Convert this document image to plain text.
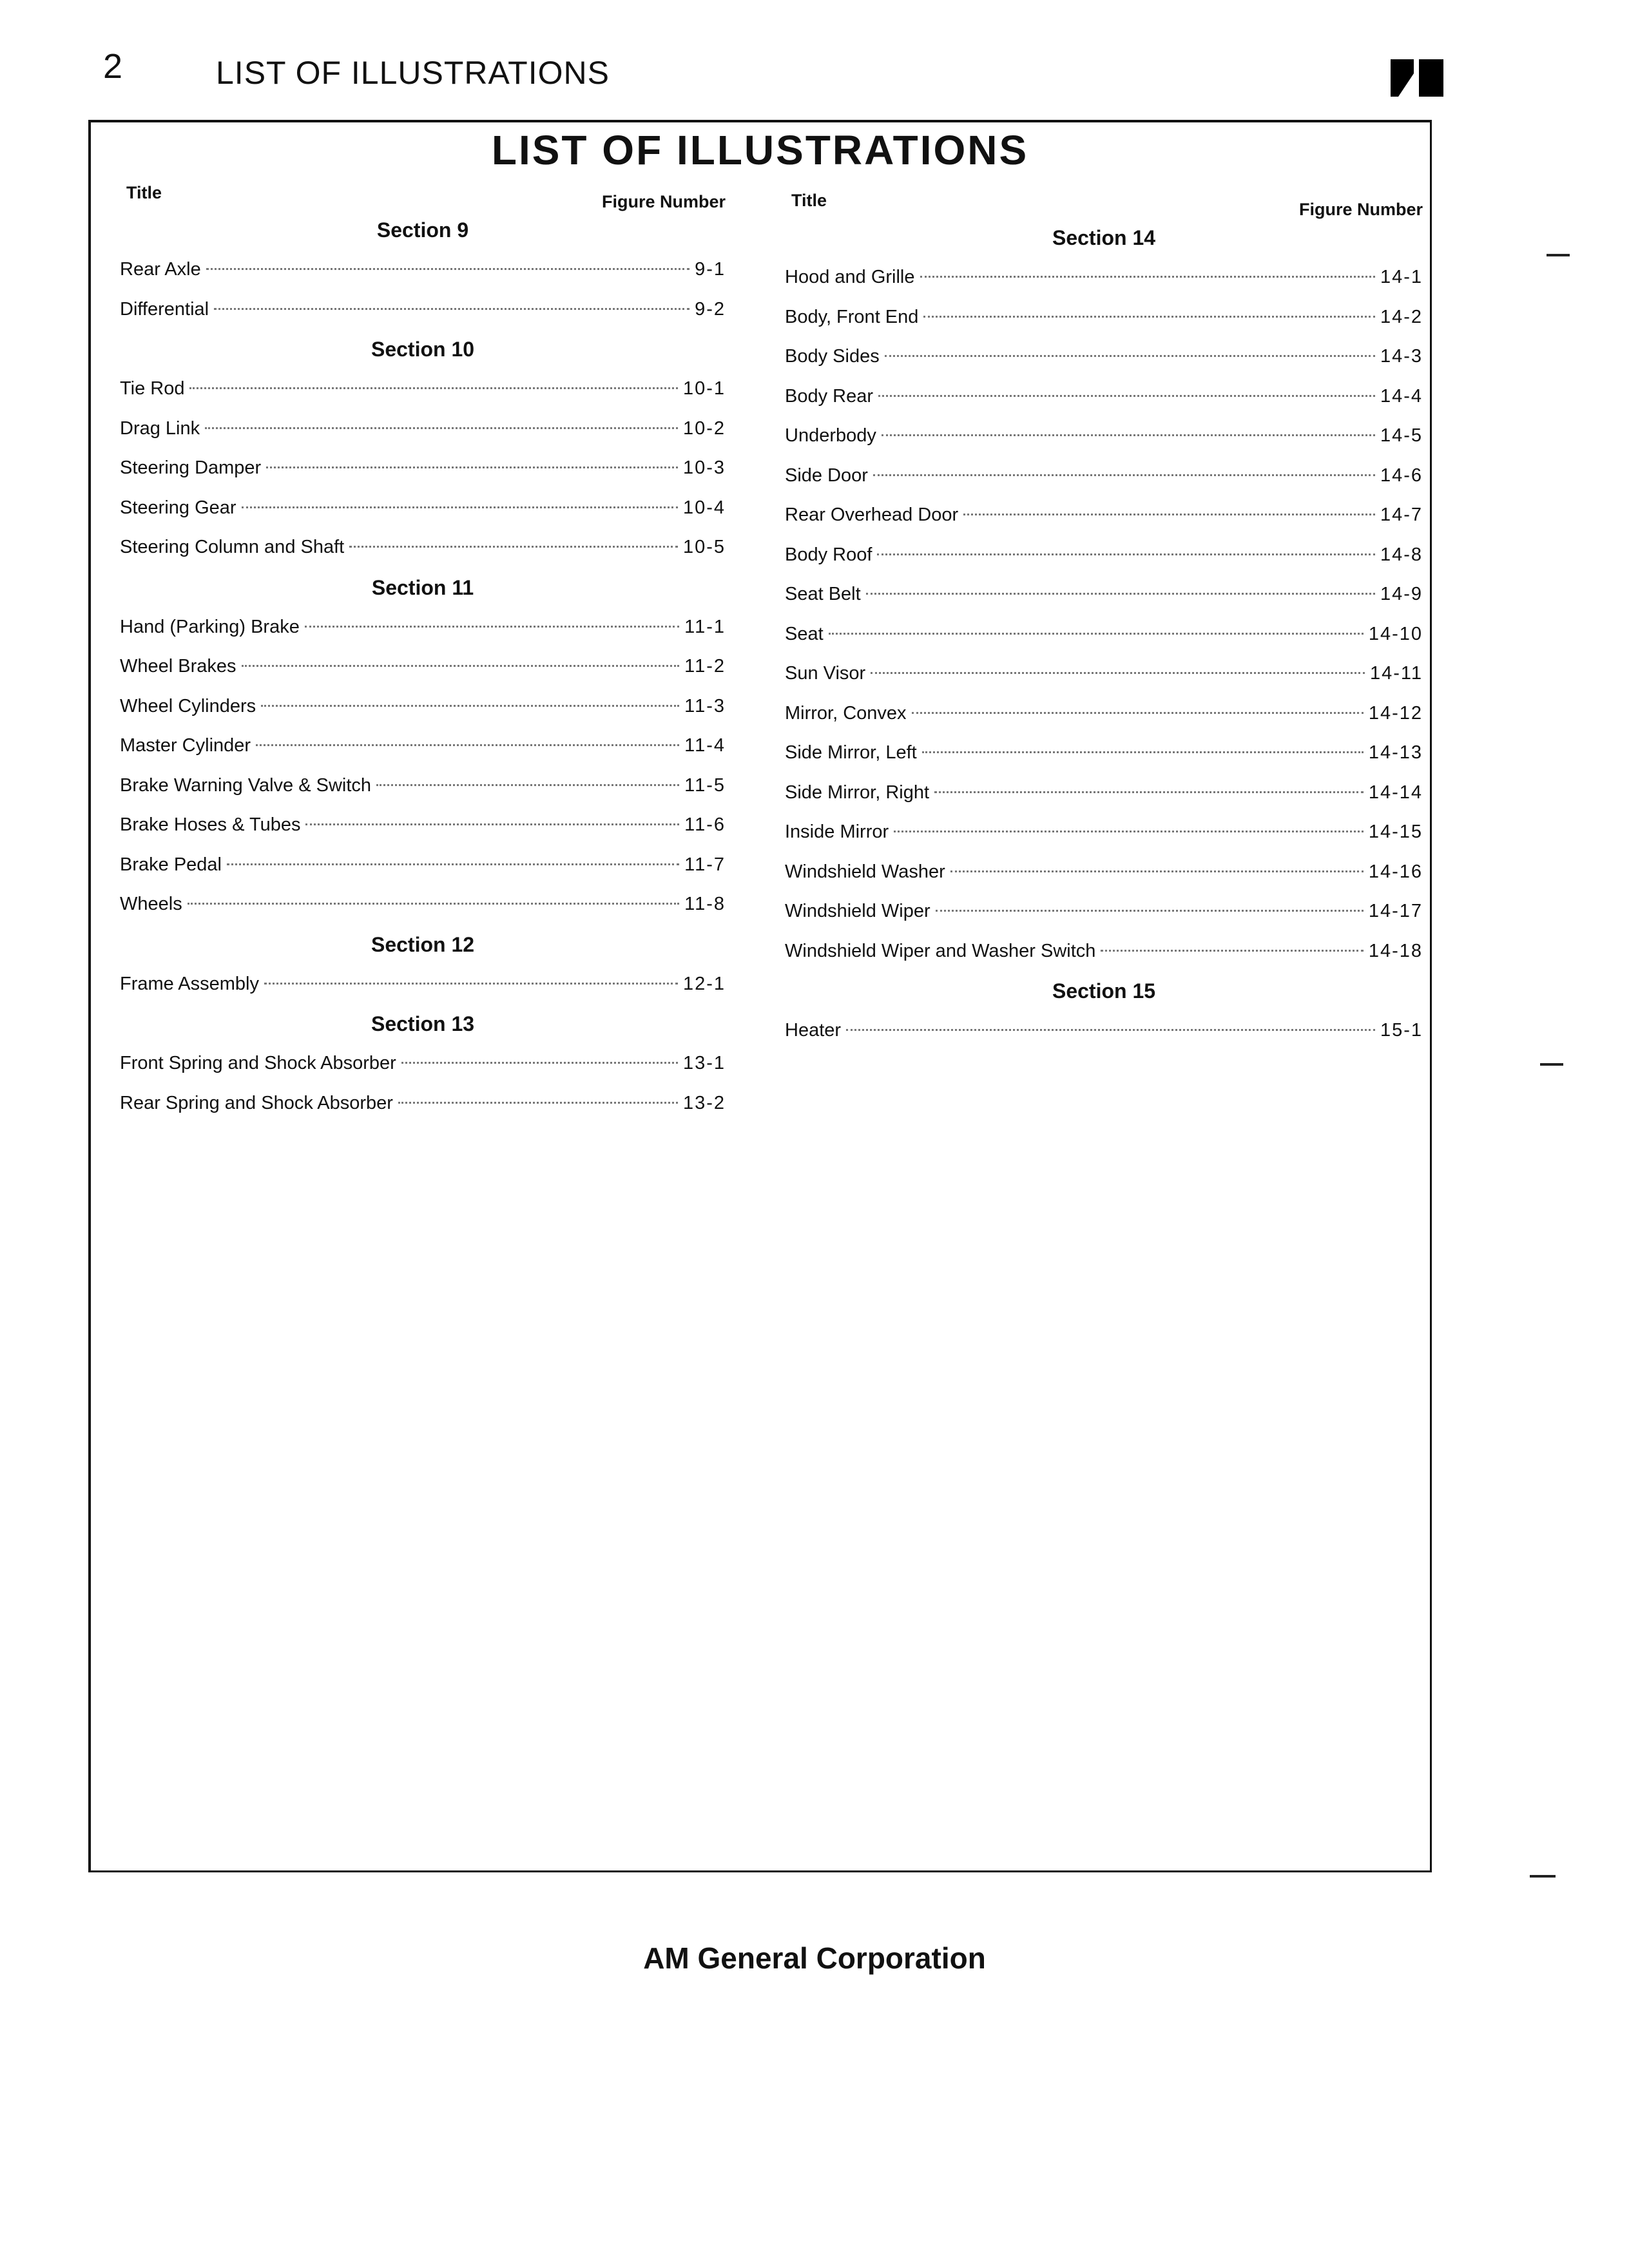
2	LIST OF ILLUSTRATIONS
LIST OF ILLUSTRATIONS
Title	Figure Number
Section 9
Rear Axle	9-1
Differential	9-2
Section 10
Tie Rod	10-1
Drag Link	10-2
Steering Damper	10-3
Steering Gear	10-4
Steering Column and Shaft	10-5
Section 11
Hand (Parking) Brake	11-1
Wheel Brakes	11-2
Wheel Cylinders	11-3
Master Cylinder	11-4
Brake Warning Valve & Switch	11-5
Brake Hoses & Tubes	11-6
Brake Pedal	11-7
Wheels	11-8
Section 12
Frame Assembly	12-1
Section 13
Front Spring and Shock Absorber	13-1
Rear Spring and Shock Absorber	13-2
Title	Figure Number
Section 14
Hood and Grille	14-1
Body, Front End	14-2
Body Sides	14-3
Body Rear	14-4
Underbody	14-5
Side Door	14-6
Rear Overhead Door	14-7
Body Roof	14-8
Seat Belt	14-9
Seat	14-10
Sun Visor	14-11
Mirror, Convex	14-12
Side Mirror, Left	14-13
Side Mirror, Right	14-14
Inside Mirror	14-15
Windshield Washer	14-16
Windshield Wiper	14-17
Windshield Wiper and Washer Switch	14-18
Section 15
Heater	15-1
AM General Corporation
